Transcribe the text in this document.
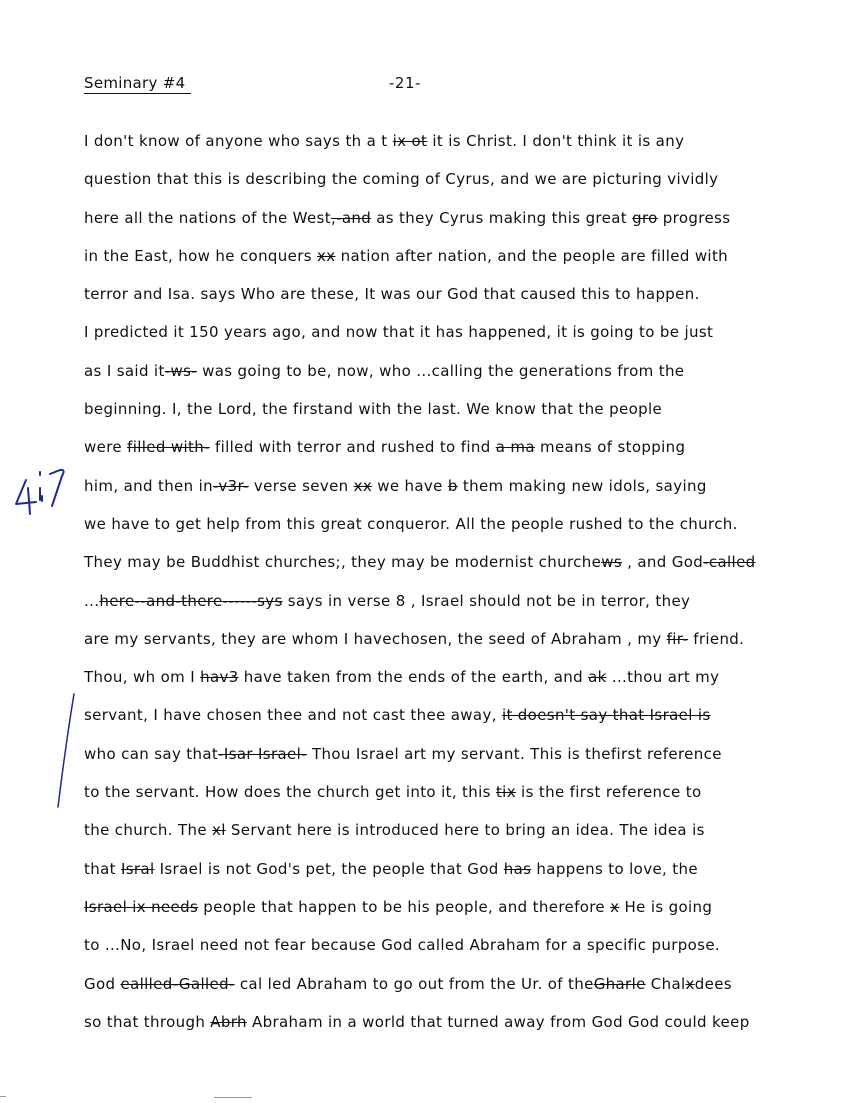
Seminary #4	-21-
I don't know of anyone who says th a t ix ot it is Christ. I don't think it is any
question that this is describing the coming of Cyrus, and we are picturing vividly
here all the nations of the West,-and as they Cyrus making this great gro progress
in the East, how he conquers xx nation after nation, and the people are filled with
terror and Isa. says Who are these, It was our God that caused this to happen.
I predicted it 150 years ago, and now that it has happened, it is going to be just
as I said it-ws- was going to be, now, who ...calling the generations from the
beginning. I, the Lord, the firstand with the last. We know that the people
were filled with- filled with terror and rushed to find a ma means of stopping
him, and then in-v3r- verse seven xx we have b them making new idols, saying
we have to get help from this great conqueror. All the people rushed to the church.
They may be Buddhist churches;, they may be modernist churchews , and God-called
...here--and-there------sys says in verse 8 , Israel should not be in terror, they
are my servants, they are whom I havechosen, the seed of Abraham , my fir- friend.
Thou, wh om I hav3 have taken from the ends of the earth, and ak ...thou art my
servant, I have chosen thee and not cast thee away, it doesn't say that Israel is
who can say that-Isar Israel- Thou Israel art my servant. This is thefirst reference
to the servant. How does the church get into it, this tix is the first reference to
the church. The xl Servant here is introduced here to bring an idea. The idea is
that Isral Israel is not God's pet, the people that God has happens to love, the
Israel ix needs people that happen to be his people, and therefore x He is going
to ...No, Israel need not fear because God called Abraham for a specific purpose.
God eallled-Galled- cal led Abraham to go out from the Ur. of theGharle Chalxdees
so that through Abrh Abraham in a world that turned away from God God could keep
